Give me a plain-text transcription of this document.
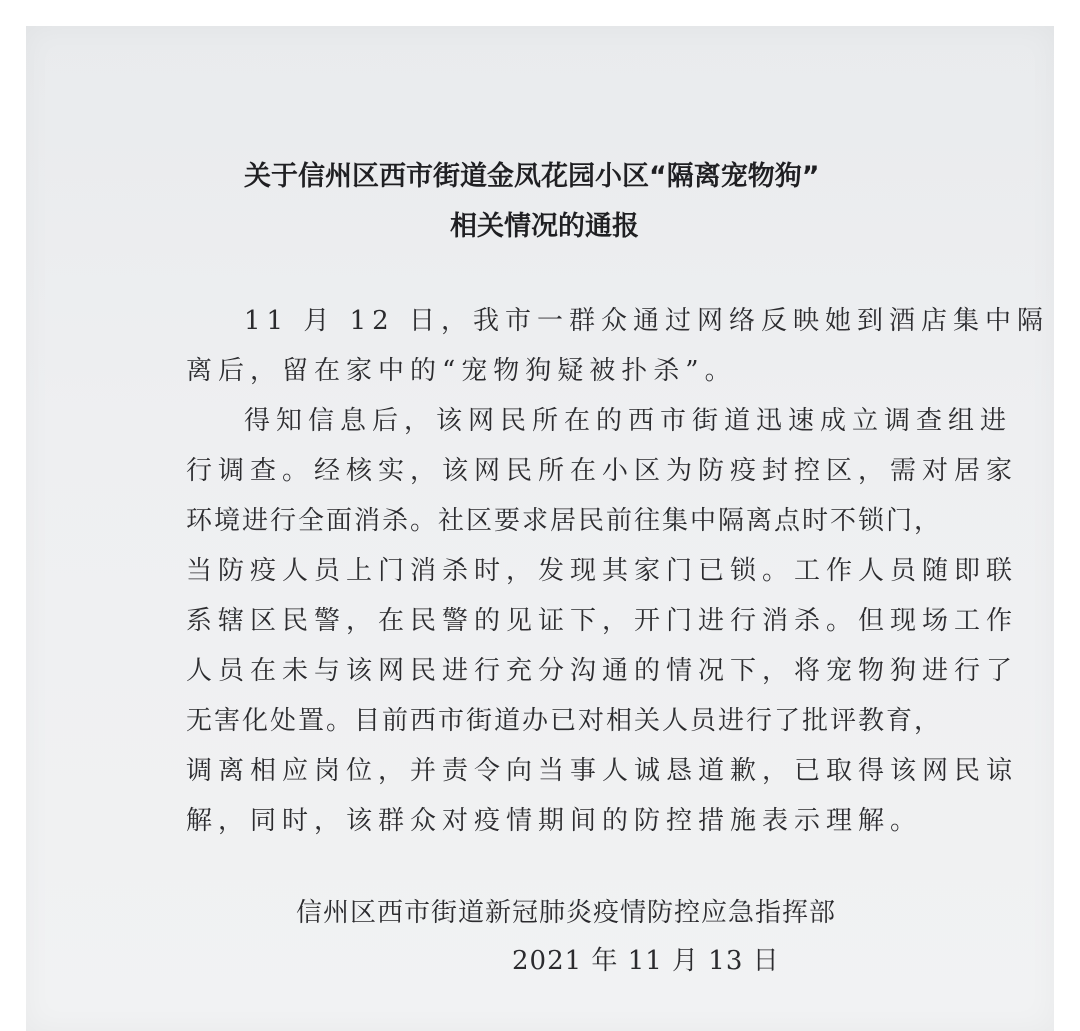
关于信州区西市街道金凤花园小区“隔离宠物狗”
相关情况的通报
11 月 12 日，我市一群众通过网络反映她到酒店集中隔
离后，留在家中的“宠物狗疑被扑杀”。
得知信息后，该网民所在的西市街道迅速成立调查组进
行调查。经核实，该网民所在小区为防疫封控区，需对居家
环境进行全面消杀。社区要求居民前往集中隔离点时不锁门，
当防疫人员上门消杀时，发现其家门已锁。工作人员随即联
系辖区民警，在民警的见证下，开门进行消杀。但现场工作
人员在未与该网民进行充分沟通的情况下，将宠物狗进行了
无害化处置。目前西市街道办已对相关人员进行了批评教育，
调离相应岗位，并责令向当事人诚恳道歉，已取得该网民谅
解，同时，该群众对疫情期间的防控措施表示理解。
信州区西市街道新冠肺炎疫情防控应急指挥部
2021 年 11 月 13 日
